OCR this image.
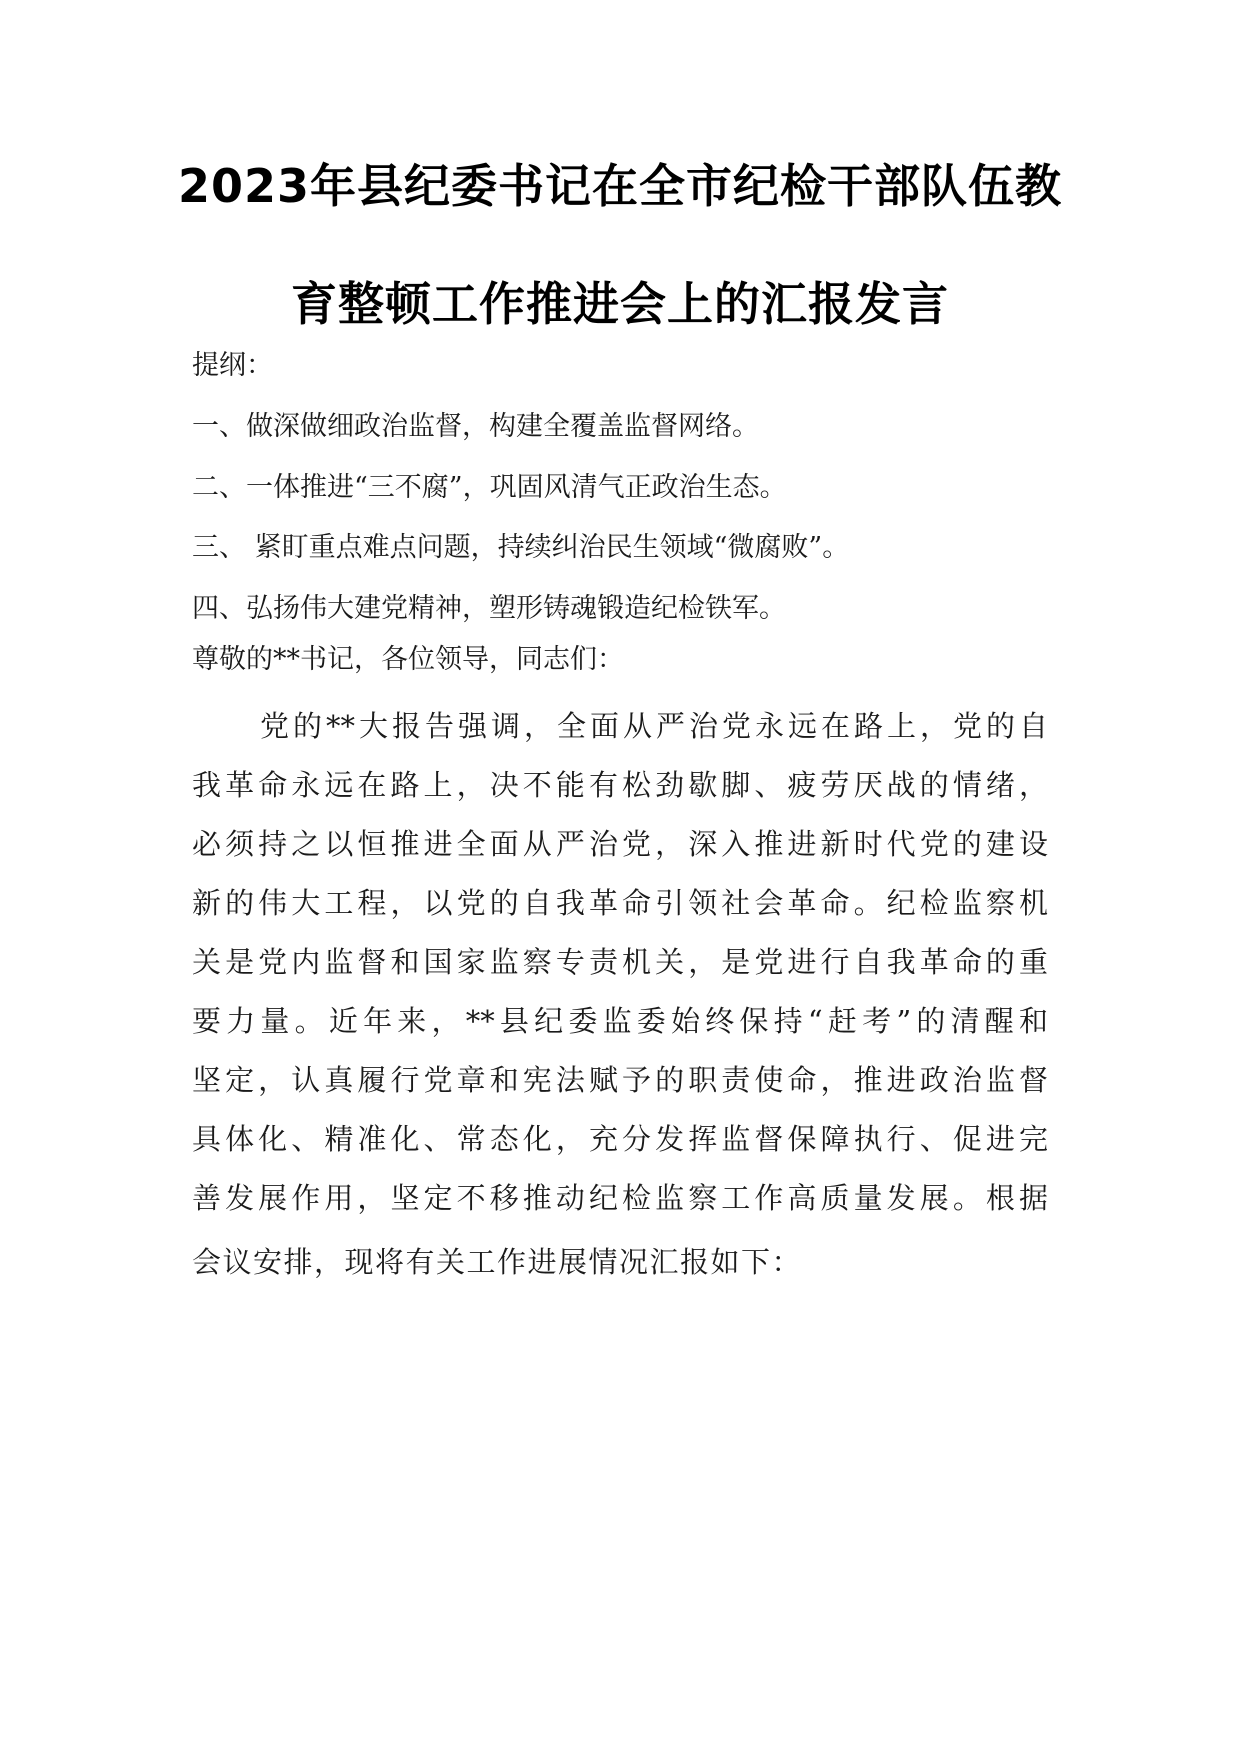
2023年县纪委书记在全市纪检干部队伍教
育整顿工作推进会上的汇报发言
提纲：
一、做深做细政治监督，构建全覆盖监督网络。
二、一体推进“三不腐”，巩固风清气正政治生态。
三、 紧盯重点难点问题，持续纠治民生领域“微腐败”。
四、弘扬伟大建党精神，塑形铸魂锻造纪检铁军。
尊敬的**书记，各位领导，同志们：
党的**大报告强调，全面从严治党永远在路上，党的自
我革命永远在路上，决不能有松劲歇脚、疲劳厌战的情绪，
必须持之以恒推进全面从严治党，深入推进新时代党的建设
新的伟大工程，以党的自我革命引领社会革命。纪检监察机
关是党内监督和国家监察专责机关，是党进行自我革命的重
要力量。近年来，**县纪委监委始终保持“赶考”的清醒和
坚定，认真履行党章和宪法赋予的职责使命，推进政治监督
具体化、精准化、常态化，充分发挥监督保障执行、促进完
善发展作用，坚定不移推动纪检监察工作高质量发展。根据
会议安排，现将有关工作进展情况汇报如下：
